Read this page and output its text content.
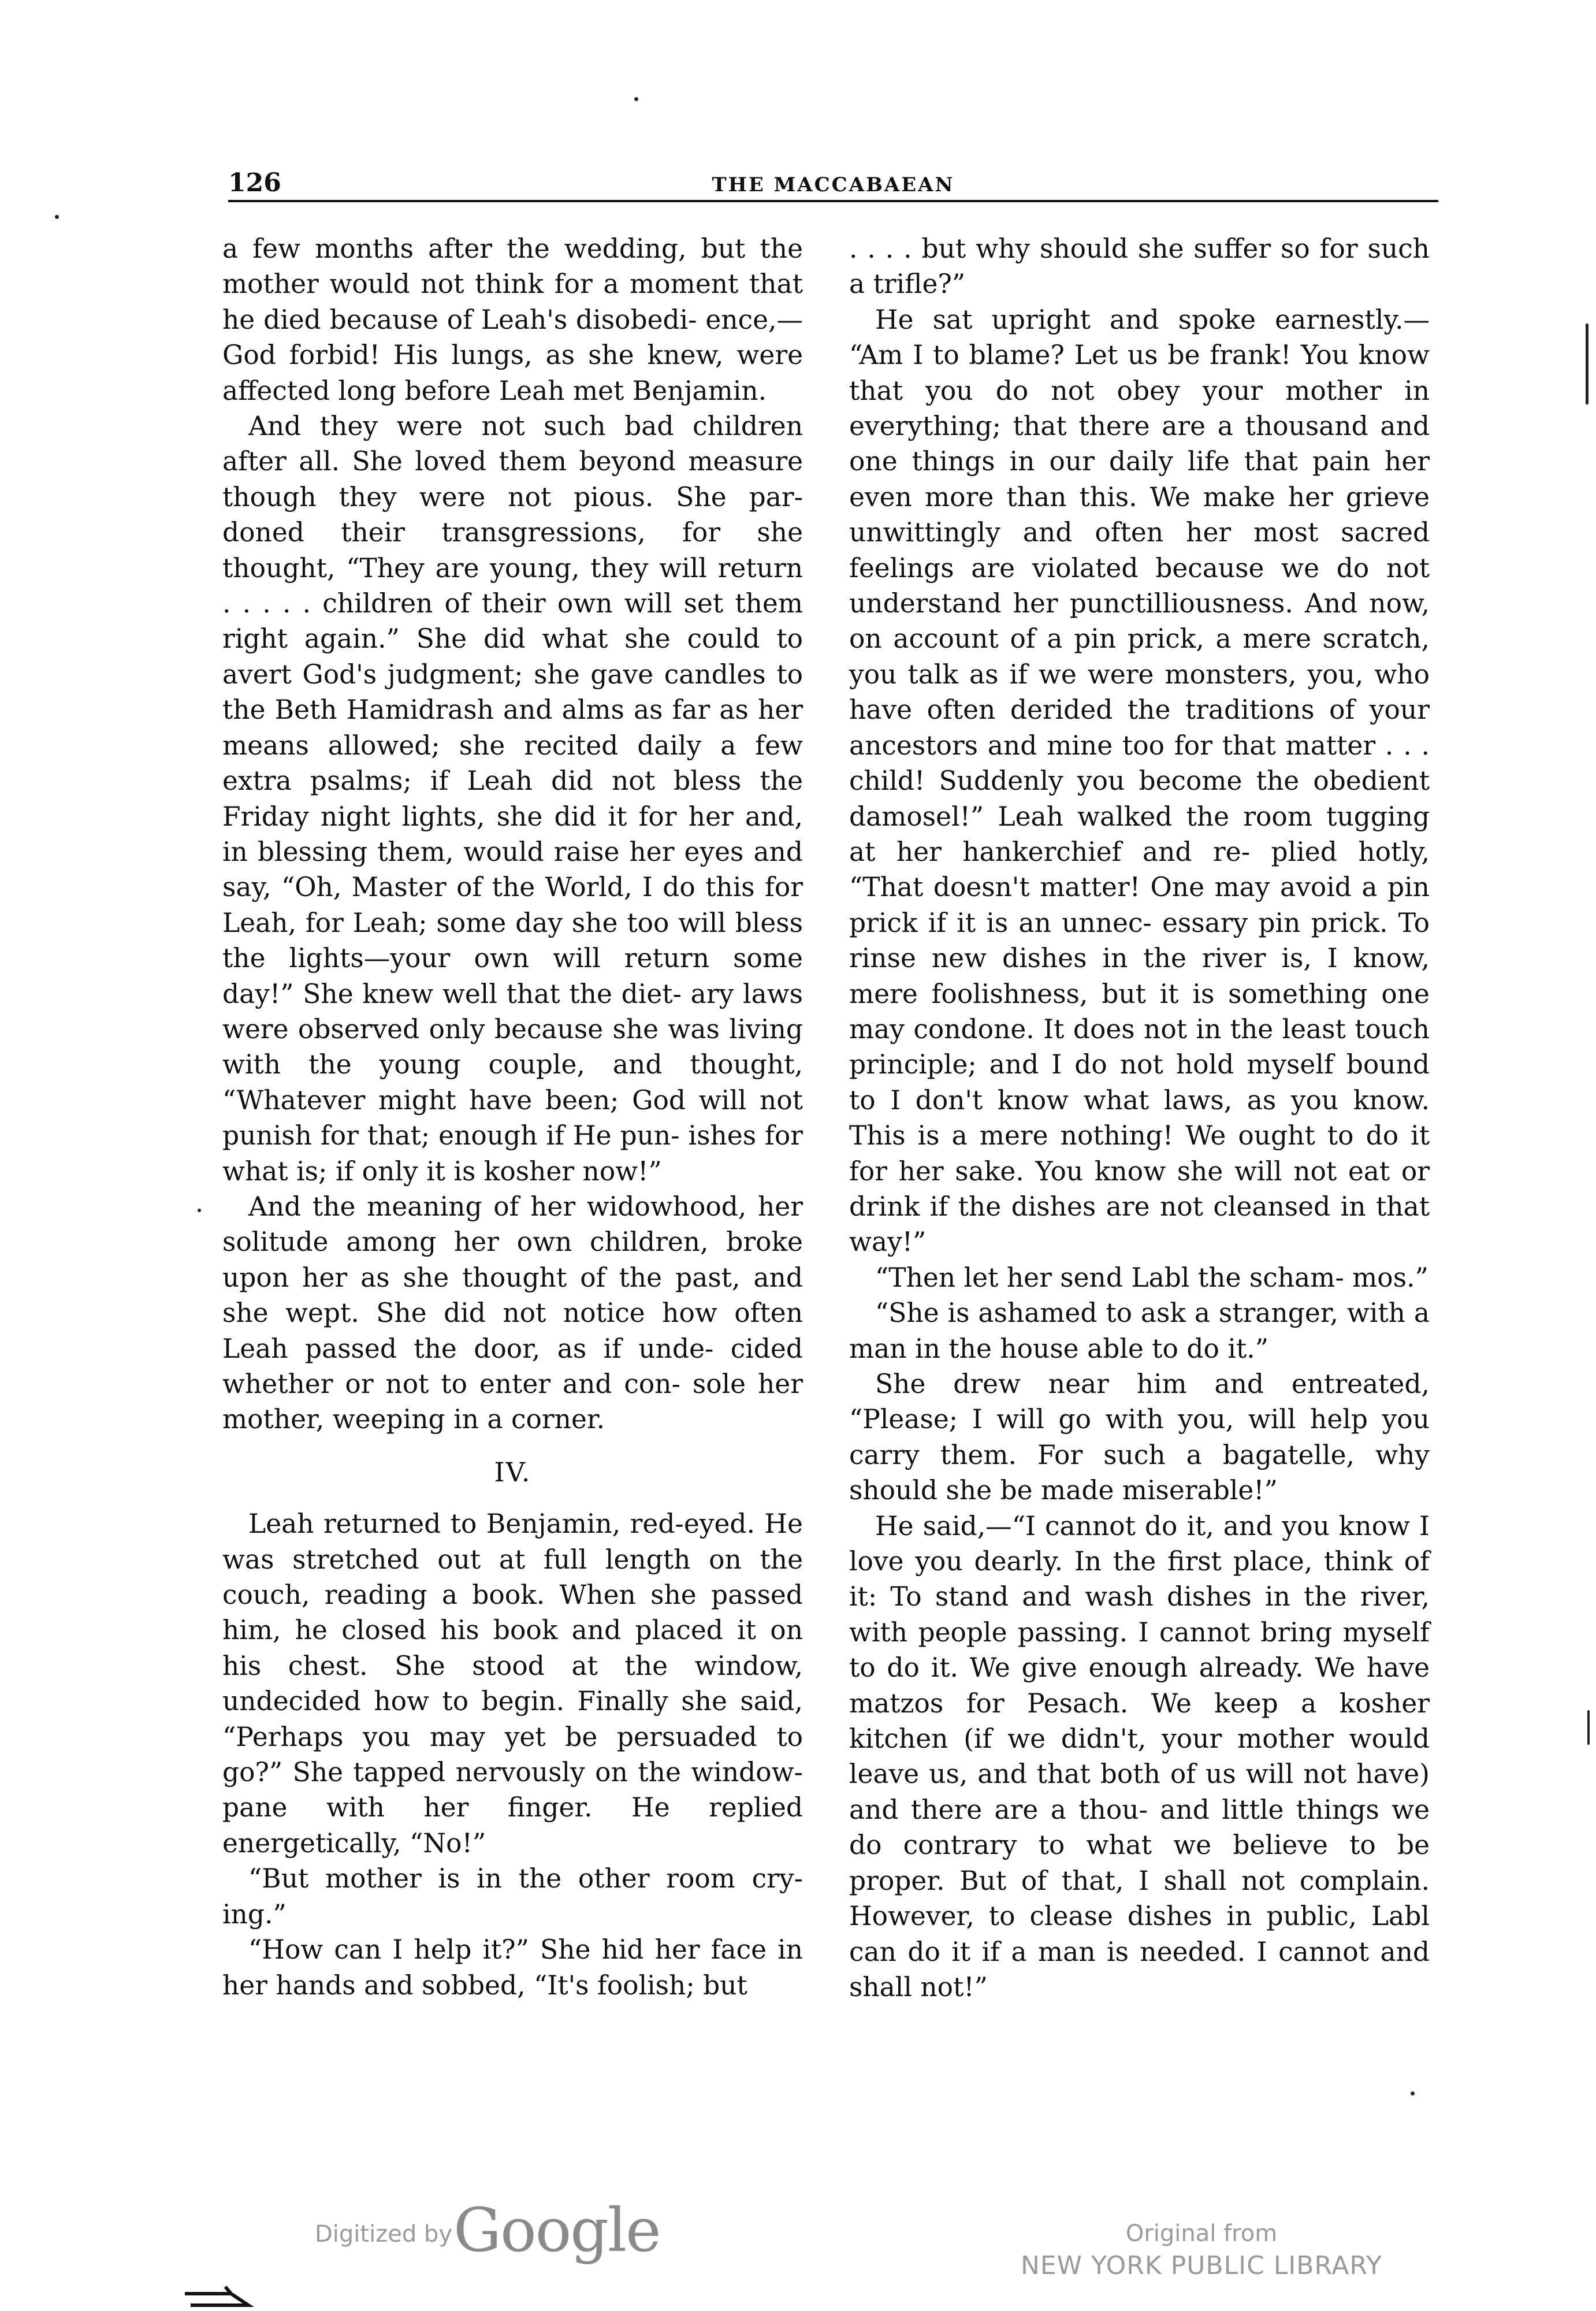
126	THE MACCABAEAN

a few months after the wedding, but the mother would not think for a moment that he died because of Leah's disobedi- ence,—God forbid! His lungs, as she knew, were affected long before Leah met Benjamin.

And they were not such bad children after all. She loved them beyond measure though they were not pious. She par- doned their transgressions, for she thought, “They are young, they will return . . . . . children of their own will set them right again.” She did what she could to avert God's judgment; she gave candles to the Beth Hamidrash and alms as far as her means allowed; she recited daily a few extra psalms; if Leah did not bless the Friday night lights, she did it for her and, in blessing them, would raise her eyes and say, “Oh, Master of the World, I do this for Leah, for Leah; some day she too will bless the lights—your own will return some day!” She knew well that the diet- ary laws were observed only because she was living with the young couple, and thought, “Whatever might have been; God will not punish for that; enough if He pun- ishes for what is; if only it is kosher now!”

And the meaning of her widowhood, her solitude among her own children, broke upon her as she thought of the past, and she wept. She did not notice how often Leah passed the door, as if unde- cided whether or not to enter and con- sole her mother, weeping in a corner.

IV.

Leah returned to Benjamin, red-eyed. He was stretched out at full length on the couch, reading a book. When she passed him, he closed his book and placed it on his chest. She stood at the window, undecided how to begin. Finally she said, “Perhaps you may yet be persuaded to go?” She tapped nervously on the window-pane with her finger. He replied energetically, “No!”

“But mother is in the other room cry- ing.”

“How can I help it?” She hid her face in her hands and sobbed, “It's foolish; but

. . . . but why should she suffer so for such a trifle?”

He sat upright and spoke earnestly.— “Am I to blame? Let us be frank! You know that you do not obey your mother in everything; that there are a thousand and one things in our daily life that pain her even more than this. We make her grieve unwittingly and often her most sacred feelings are violated because we do not understand her punctilliousness. And now, on account of a pin prick, a mere scratch, you talk as if we were monsters, you, who have often derided the traditions of your ancestors and mine too for that matter . . . child! Suddenly you become the obedient damosel!” Leah walked the room tugging at her hankerchief and re- plied hotly, “That doesn't matter! One may avoid a pin prick if it is an unnec- essary pin prick. To rinse new dishes in the river is, I know, mere foolishness, but it is something one may condone. It does not in the least touch principle; and I do not hold myself bound to I don't know what laws, as you know. This is a mere nothing! We ought to do it for her sake. You know she will not eat or drink if the dishes are not cleansed in that way!”

“Then let her send Labl the scham- mos.”

“She is ashamed to ask a stranger, with a man in the house able to do it.”

She drew near him and entreated, “Please; I will go with you, will help you carry them. For such a bagatelle, why should she be made miserable!”

He said,—“I cannot do it, and you know I love you dearly. In the first place, think of it: To stand and wash dishes in the river, with people passing. I cannot bring myself to do it. We give enough already. We have matzos for Pesach. We keep a kosher kitchen (if we didn't, your mother would leave us, and that both of us will not have) and there are a thou- and little things we do contrary to what we believe to be proper. But of that, I shall not complain. However, to clease dishes in public, Labl can do it if a man is needed. I cannot and shall not!”

Digitized by Google	Original from
NEW YORK PUBLIC LIBRARY
